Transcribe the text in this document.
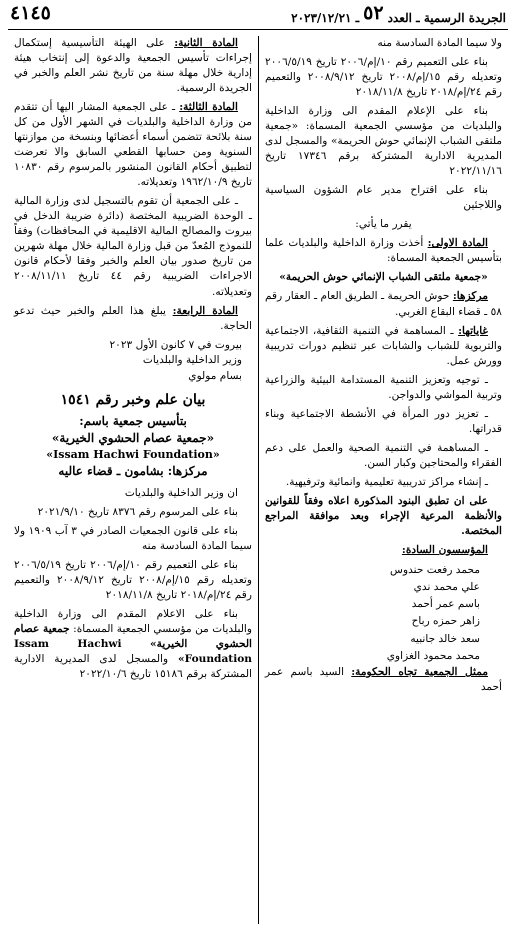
الجريدة الرسمية ـ العدد
٥٢
ـ ٢٠٢٣/١٢/٢١
٤١٤٥

ولا سيما المادة السادسة منه

بناء على التعميم رقم ١٠/إم/٢٠٠٦ تاريخ ٢٠٠٦/٥/١٩ وتعديله رقم ١٥/إم/٢٠٠٨ تاريخ ٢٠٠٨/٩/١٢ والتعميم رقم ٢٤/إم/٢٠١٨ تاريخ ٢٠١٨/١١/٨

بناء على الإعلام المقدم الى وزارة الداخلية والبلديات من مؤسسي الجمعية المسماة: «جمعية ملتقى الشباب الإنمائي حوش الحريمة» والمسجل لدى المديرية الادارية المشتركة برقم ١٧٣٤٦ تاريخ ٢٠٢٢/١١/١٦

بناء على اقتراح مدير عام الشؤون السياسية واللاجئين

يقرر ما يأتي:

المادة الاولى: أخذت وزارة الداخلية والبلديات علما بتأسيس الجمعية المسماة:

«جمعية ملتقى الشباب الإنمائي حوش الحريمة»

مركزها: حوش الحريمة ـ الطريق العام ـ العقار رقم ٥٨ ـ قضاء البقاع الغربي.

غاياتها: ـ المساهمة في التنمية الثقافية، الاجتماعية والتربوية للشباب والشابات عبر تنظيم دورات تدريبية وورش عمل.

ـ توجيه وتعزيز التنمية المستدامة البيئية والزراعية وتربية المواشي والدواجن.

ـ تعزيز دور المرأة في الأنشطة الاجتماعية وبناء قدراتها.

ـ المساهمة في التنمية الصحية والعمل على دعم الفقراء والمحتاجين وكبار السن.

ـ إنشاء مراكز تدريبية تعليمية وانمائية وترفيهية.

على ان تطبق البنود المذكورة اعلاه وفقاً للقوانين والأنظمة المرعية الإجراء وبعد موافقة المراجع المختصة.

المؤسسون السادة:

محمد رفعت حندوس
علي محمد ندي
باسم عمر أحمد
زاهر حمزه رباح
سعد خالد جانبيه
محمد محمود الغزاوي

ممثل الجمعية تجاه الحكومة: السيد باسم عمر أحمد

المادة الثانية: على الهيئة التأسيسية إستكمال إجراءات تأسيس الجمعية والدعوة إلى إنتخاب هيئة إدارية خلال مهلة سنة من تاريخ نشر العلم والخبر في الجريدة الرسمية.

المادة الثالثة: ـ على الجمعية المشار اليها أن تتقدم من وزارة الداخلية والبلديات في الشهر الأول من كل سنة بلائحة تتضمن أسماء أعضائها وبنسخة من موازنتها السنوية ومن حسابها القطعي السابق والا تعرضت لتطبيق أحكام القانون المنشور بالمرسوم رقم ١٠٨٣٠ تاريخ ١٩٦٢/١٠/٩ وتعديلاته.

ـ على الجمعية أن تقوم بالتسجيل لدى وزارة المالية ـ الوحدة الضريبية المختصة (دائرة ضريبة الدخل في بيروت والمصالح المالية الاقليمية في المحافظات) وفقاً للنموذج المُعدّ من قبل وزارة المالية خلال مهلة شهرين من تاريخ صدور بيان العلم والخبر وفقا لأحكام قانون الاجراءات الضريبية رقم ٤٤ تاريخ ٢٠٠٨/١١/١١ وتعديلاته.

المادة الرابعة: يبلغ هذا العلم والخبر حيث تدعو الحاجة.

بيروت في ٧ كانون الأول ٢٠٢٣
وزير الداخلية والبلديات
بسام مولوي
بيان علم وخبر رقم ١٥٤١
بتأسيس جمعية باسم:
«جمعية عصام الحشوي الخيرية»
«Issam Hachwi Foundation»
مركزها: بشامون ـ قضاء عاليه

ان وزير الداخلية والبلديات

بناء على المرسوم رقم ٨٣٧٦ تاريخ ٢٠٢١/٩/١٠

بناء على قانون الجمعيات الصادر في ٣ آب ١٩٠٩ ولا سيما المادة السادسة منه

بناء على التعميم رقم ١٠/إم/٢٠٠٦ تاريخ ٢٠٠٦/٥/١٩ وتعديله رقم ١٥/إم/٢٠٠٨ تاريخ ٢٠٠٨/٩/١٢ والتعميم رقم ٢٤/إم/٢٠١٨ تاريخ ٢٠١٨/١١/٨

بناء على الاعلام المقدم الى وزارة الداخلية والبلديات من مؤسسي الجمعية المسماة: جمعية عصام الحشوي الخيرية» Issam Hachwi Foundation» والمسجل لدى المديرية الادارية المشتركة برقم ١٥١٨٦ تاريخ ٢٠٢٢/١٠/٦
